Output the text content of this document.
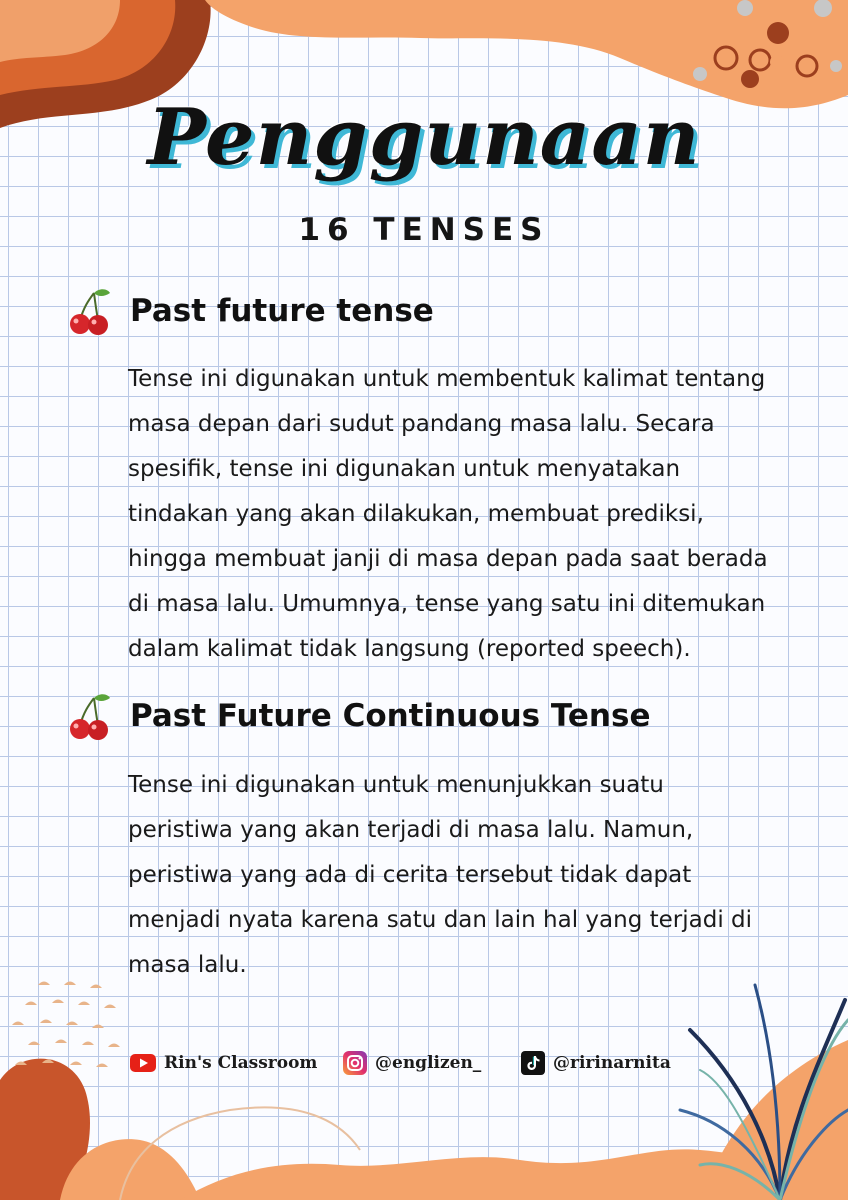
Penggunaan
16 TENSES
Past future tense
Tense ini digunakan untuk membentuk kalimat tentang
masa depan dari sudut pandang masa lalu. Secara
spesifik, tense ini digunakan untuk menyatakan
tindakan yang akan dilakukan, membuat prediksi,
hingga membuat janji di masa depan pada saat berada
di masa lalu. Umumnya, tense yang satu ini ditemukan
dalam kalimat tidak langsung (reported speech).
Past Future Continuous Tense
Tense ini digunakan untuk menunjukkan suatu
peristiwa yang akan terjadi di masa lalu. Namun,
peristiwa yang ada di cerita tersebut tidak dapat
menjadi nyata karena satu dan lain hal yang terjadi di
masa lalu.
Rin's Classroom	@englizen_	@ririnarnita
